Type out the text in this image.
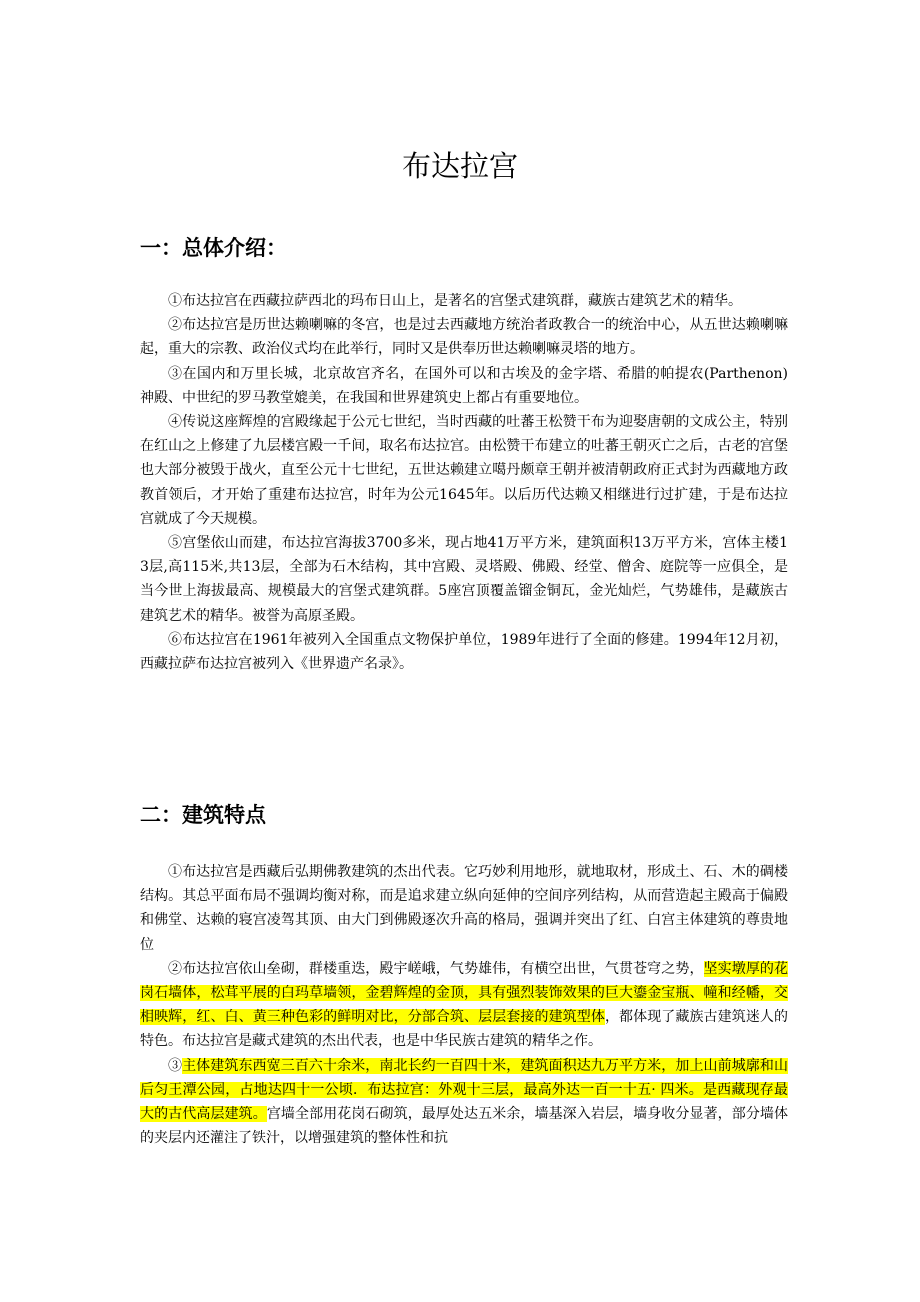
布达拉宫
一：总体介绍：

①布达拉宫在西藏拉萨西北的玛布日山上，是著名的宫堡式建筑群，藏族古建筑艺术的精华。

②布达拉宫是历世达赖喇嘛的冬宫，也是过去西藏地方统治者政教合一的统治中心，从五世达赖喇嘛起，重大的宗教、政治仪式均在此举行，同时又是供奉历世达赖喇嘛灵塔的地方。

③在国内和万里长城，北京故宫齐名，在国外可以和古埃及的金字塔、希腊的帕提农(Parthenon) 神殿、中世纪的罗马教堂媲美，在我国和世界建筑史上都占有重要地位。

④传说这座辉煌的宫殿缘起于公元七世纪，当时西藏的吐蕃王松赞干布为迎娶唐朝的文成公主，特别在红山之上修建了九层楼宫殿一千间，取名布达拉宫。由松赞干布建立的吐蕃王朝灭亡之后，古老的宫堡也大部分被毁于战火，直至公元十七世纪，五世达赖建立噶丹颇章王朝并被清朝政府正式封为西藏地方政教首领后，才开始了重建布达拉宫，时年为公元1645年。以后历代达赖又相继进行过扩建，于是布达拉宫就成了今天规模。

⑤宫堡依山而建，布达拉宫海拔3700多米，现占地41万平方米，建筑面积13万平方米，宫体主楼13层,高115米,共13层，全部为石木结构，其中宫殿、灵塔殿、佛殿、经堂、僧舍、庭院等一应俱全，是当今世上海拔最高、规模最大的宫堡式建筑群。5座宫顶覆盖镏金铜瓦，金光灿烂，气势雄伟，是藏族古建筑艺术的精华。被誉为高原圣殿。

⑥布达拉宫在1961年被列入全国重点文物保护单位，1989年进行了全面的修建。1994年12月初，西藏拉萨布达拉宫被列入《世界遗产名录》。

二：建筑特点

①布达拉宫是西藏后弘期佛教建筑的杰出代表。它巧妙利用地形，就地取材，形成土、石、木的碉楼结构。其总平面布局不强调均衡对称，而是追求建立纵向延伸的空间序列结构，从而营造起主殿高于偏殿和佛堂、达赖的寝宫凌驾其顶、由大门到佛殿逐次升高的格局，强调并突出了红、白宫主体建筑的尊贵地位

②布达拉宫依山垒砌，群楼重迭，殿宇嵯峨，气势雄伟，有横空出世，气贯苍穹之势，坚实墩厚的花岗石墙体，松茸平展的白玛草墙领，金碧辉煌的金顶，具有强烈装饰效果的巨大鎏金宝瓶、幢和经幡，交相映辉，红、白、黄三种色彩的鲜明对比，分部合筑、层层套接的建筑型体，都体现了藏族古建筑迷人的特色。布达拉宫是藏式建筑的杰出代表，也是中华民族古建筑的精华之作。

③主体建筑东西宽三百六十余米，南北长约一百四十米，建筑面积达九万平方米，加上山前城廓和山后匀王潭公园，占地达四十一公顷．布达拉宫：外观十三层，最高外达一百一十五· 四米。是西藏现存最大的古代高层建筑。宫墙全部用花岗石砌筑，最厚处达五米余，墙基深入岩层，墙身收分显著，部分墙体的夹层内还灌注了铁汁，以增强建筑的整体性和抗
